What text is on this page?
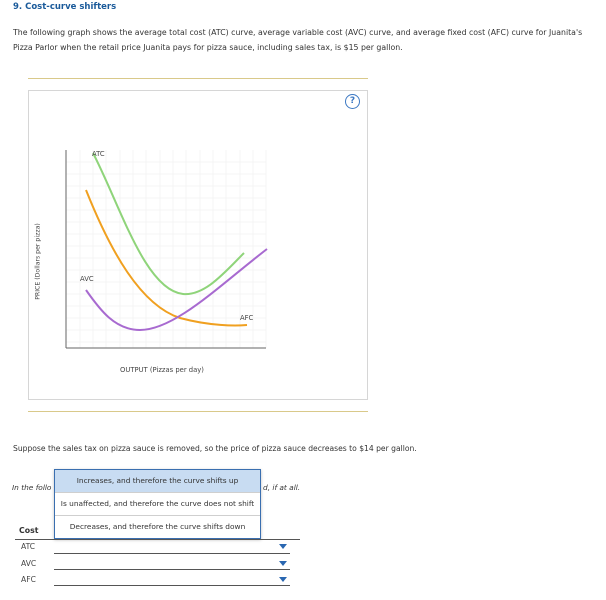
9. Cost-curve shifters
The following graph shows the average total cost (ATC) curve, average variable cost (AVC) curve, and average fixed cost (AFC) curve for Juanita's Pizza Parlor when the retail price Juanita pays for pizza sauce, including sales tax, is $15 per gallon.
?
PRICE (Dollars per pizza)
OUTPUT (Pizzas per day)
ATC
AVC
AFC
Suppose the sales tax on pizza sauce is removed, so the price of pizza sauce decreases to $14 per gallon.
In the follo	d, if at all.
Increases, and therefore the curve shifts up
Is unaffected, and therefore the curve does not shift
Decreases, and therefore the curve shifts down
Cost
ATC
AVC
AFC
